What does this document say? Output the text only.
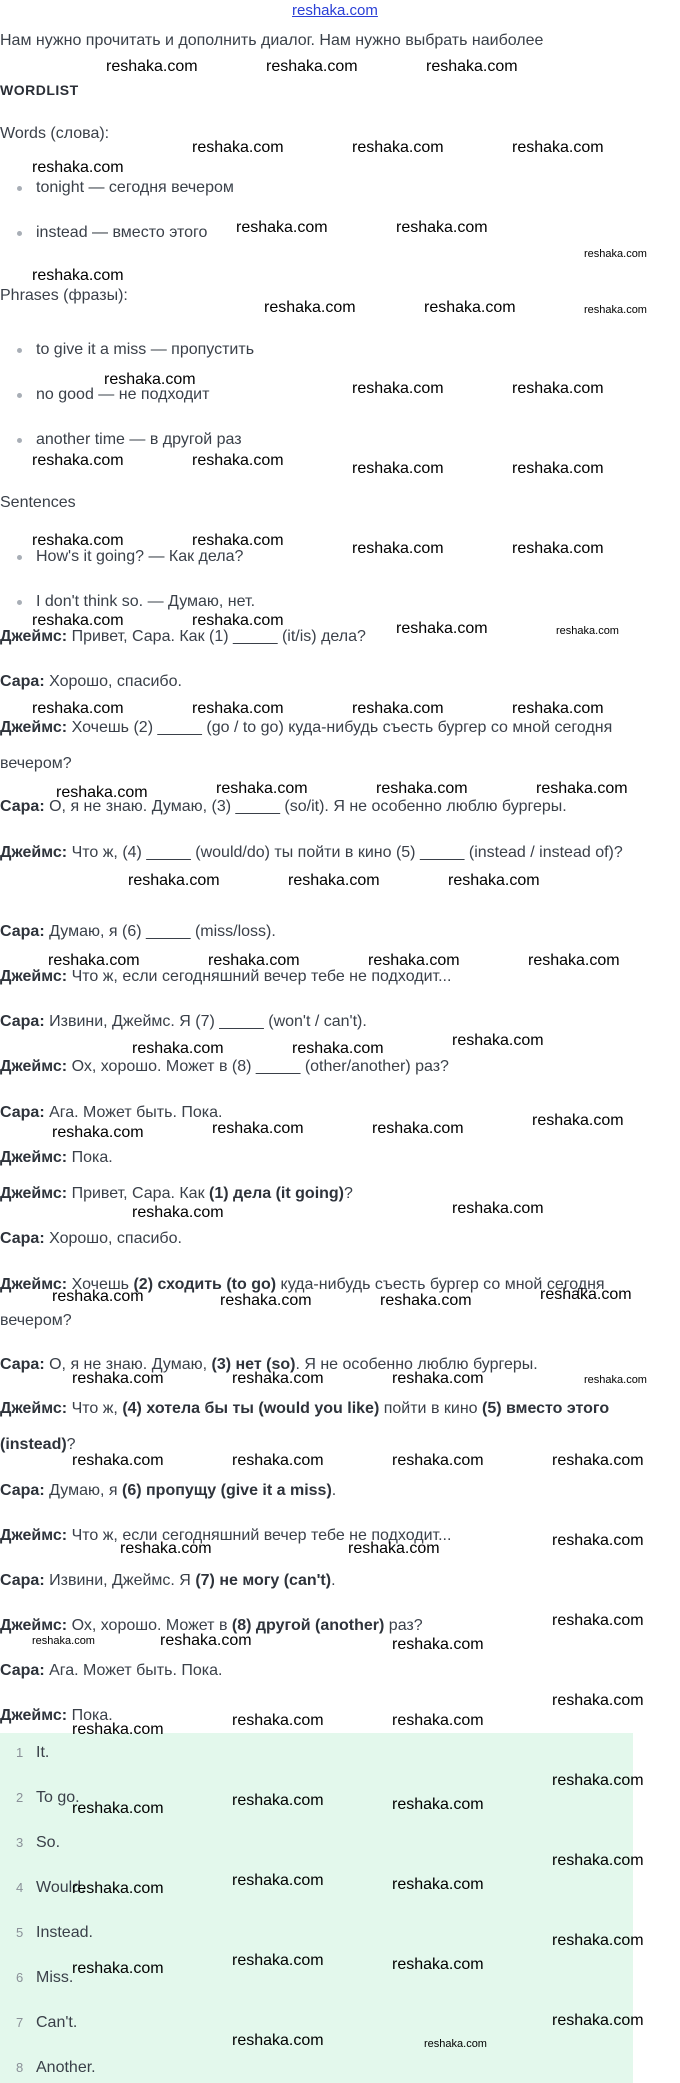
reshaka.com
Нам нужно прочитать и дополнить диалог. Нам нужно выбрать наиболее
WORDLIST
Words (слова):
tonight — сегодня вечером
instead — вместо этого
Phrases (фразы):
to give it a miss — пропустить
no good — не подходит
another time — в другой раз
Sentences
How's it going? — Как дела?
I don't think so. — Думаю, нет.
Джеймс: Привет, Сара. Как (1) _____ (it/is) дела?
Сара: Хорошо, спасибо.
Джеймс: Хочешь (2) _____ (go / to go) куда-нибудь съесть бургер со мной сегодня вечером?
Сара: О, я не знаю. Думаю, (3) _____ (so/it). Я не особенно люблю бургеры.
Джеймс: Что ж, (4) _____ (would/do) ты пойти в кино (5) _____ (instead / instead of)?
Сара: Думаю, я (6) _____ (miss/loss).
Джеймс: Что ж, если сегодняшний вечер тебе не подходит...
Сара: Извини, Джеймс. Я (7) _____ (won't / can't).
Джеймс: Ох, хорошо. Может в (8) _____ (other/another) раз?
Сара: Ага. Может быть. Пока.
Джеймс: Пока.
Джеймс: Привет, Сара. Как (1) дела (it going)?
Сара: Хорошо, спасибо.
Джеймс: Хочешь (2) сходить (to go) куда-нибудь съесть бургер со мной сегодня вечером?
Сара: О, я не знаю. Думаю, (3) нет (so). Я не особенно люблю бургеры.
Джеймс: Что ж, (4) хотела бы ты (would you like) пойти в кино (5) вместо этого (instead)?
Сара: Думаю, я (6) пропущу (give it a miss).
Джеймс: Что ж, если сегодняшний вечер тебе не подходит...
Сара: Извини, Джеймс. Я (7) не могу (can't).
Джеймс: Ох, хорошо. Может в (8) другой (another) раз?
Сара: Ага. Может быть. Пока.
Джеймс: Пока.
1 It.
2 To go.
3 So.
4 Would.
5 Instead.
6 Miss.
7 Can't.
8 Another.
reshaka.com	reshaka.com	reshaka.com
reshaka.com	reshaka.com	reshaka.com
reshaka.com
reshaka.com	reshaka.com
reshaka.com
reshaka.com
reshaka.com	reshaka.com	reshaka.com
reshaka.com
reshaka.com	reshaka.com
reshaka.com	reshaka.com	reshaka.com	reshaka.com
reshaka.com	reshaka.com	reshaka.com	reshaka.com
reshaka.com	reshaka.com	reshaka.com	reshaka.com
reshaka.com	reshaka.com	reshaka.com	reshaka.com
reshaka.com	reshaka.com	reshaka.com	reshaka.com
reshaka.com	reshaka.com	reshaka.com
reshaka.com	reshaka.com	reshaka.com	reshaka.com
reshaka.com	reshaka.com	reshaka.com
reshaka.com	reshaka.com	reshaka.com	reshaka.com
reshaka.com	reshaka.com
reshaka.com	reshaka.com	reshaka.com	reshaka.com
reshaka.com	reshaka.com	reshaka.com	reshaka.com
reshaka.com	reshaka.com	reshaka.com	reshaka.com
reshaka.com	reshaka.com	reshaka.com
reshaka.com	reshaka.com	reshaka.com
reshaka.com
reshaka.com
reshaka.com	reshaka.com
reshaka.com
reshaka.com	reshaka.com	reshaka.com
reshaka.com
reshaka.com	reshaka.com	reshaka.com
reshaka.com
reshaka.com	reshaka.com	reshaka.com
reshaka.com
reshaka.com	reshaka.com
reshaka.com
